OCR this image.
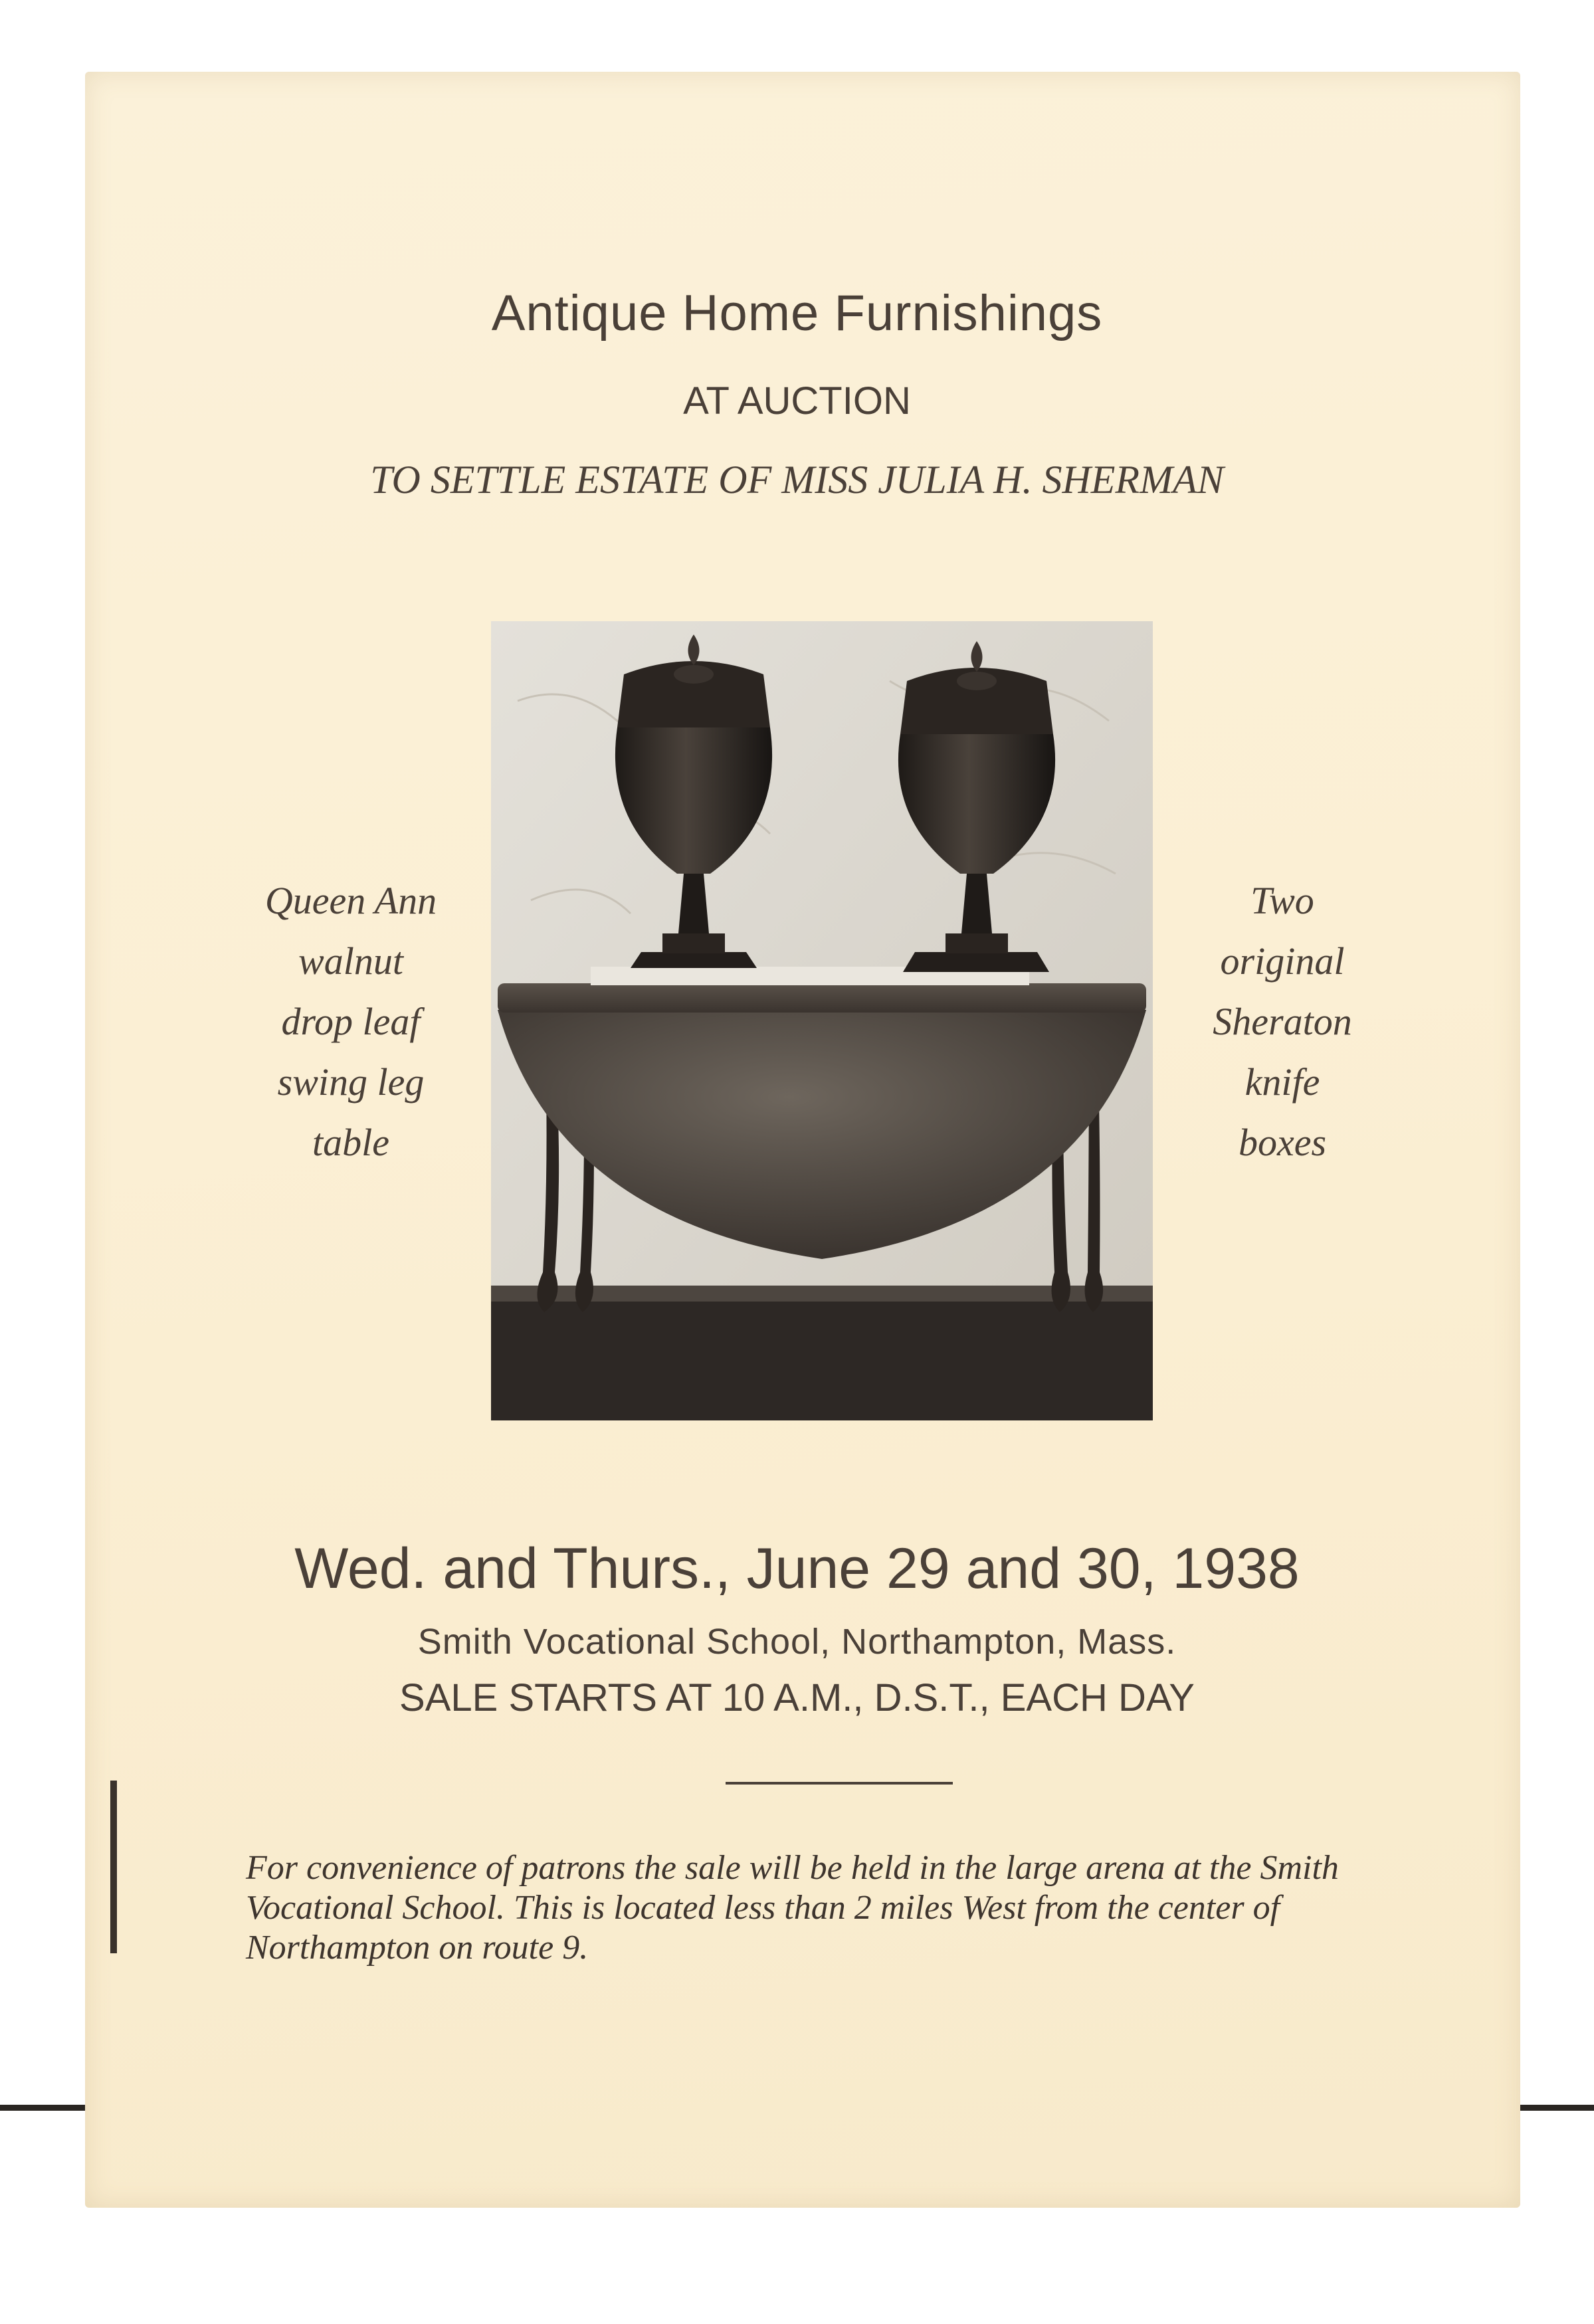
Antique Home Furnishings
AT AUCTION
TO SETTLE ESTATE OF MISS JULIA H. SHERMAN
Queen Ann
walnut
drop leaf
swing leg
table
Two
original
Sheraton
knife
boxes
Wed. and Thurs., June 29 and 30, 1938
Smith Vocational School, Northampton, Mass.
SALE STARTS AT 10 A.M., D.S.T., EACH DAY
For convenience of patrons the sale will be held in the large arena at the Smith
Vocational School. This is located less than 2 miles West from the center of
Northampton on route 9.
